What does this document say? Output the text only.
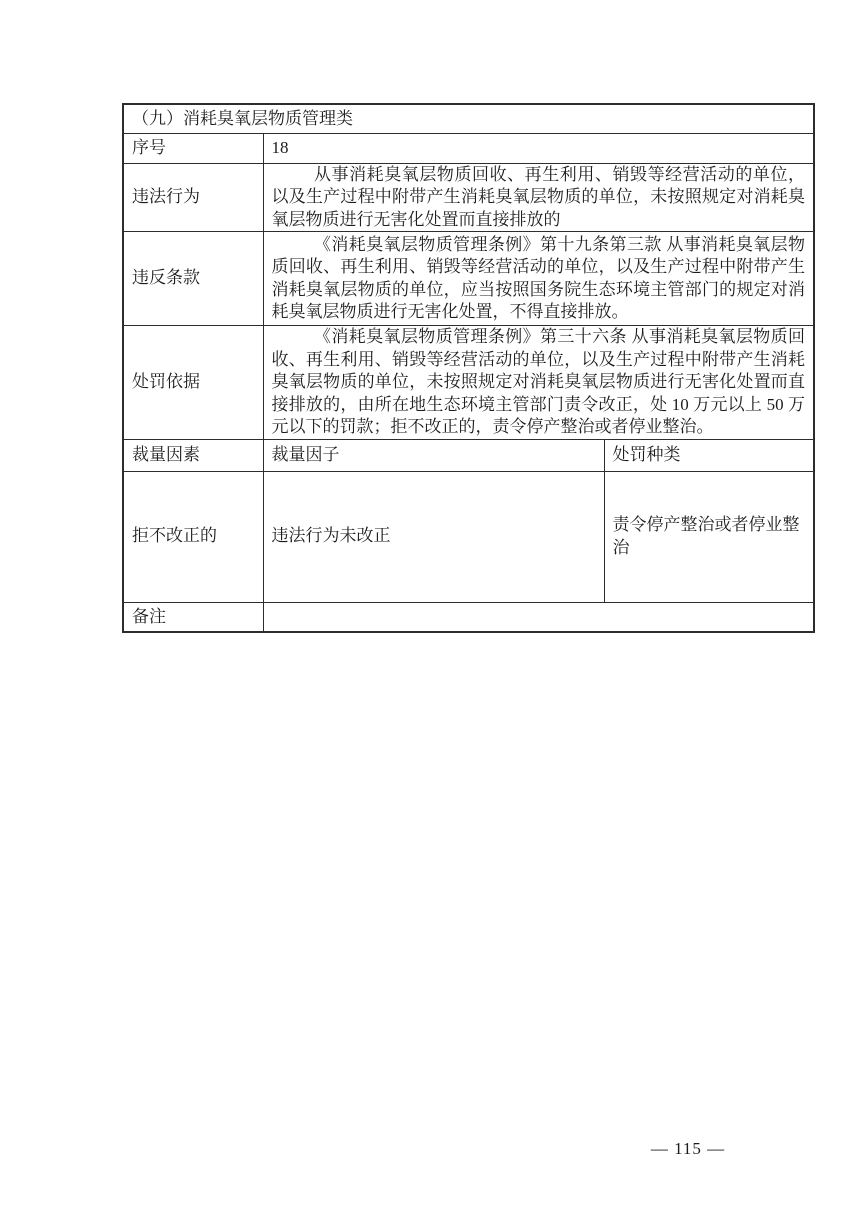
（九）消耗臭氧层物质管理类		
序号	18	
违法行为	从事消耗臭氧层物质回收、再生利用、销毁等经营活动的单位，以及生产过程中附带产生消耗臭氧层物质的单位，未按照规定对消耗臭氧层物质进行无害化处置而直接排放的	
违反条款	《消耗臭氧层物质管理条例》第十九条第三款 从事消耗臭氧层物质回收、再生利用、销毁等经营活动的单位，以及生产过程中附带产生消耗臭氧层物质的单位，应当按照国务院生态环境主管部门的规定对消耗臭氧层物质进行无害化处置，不得直接排放。	
处罚依据	《消耗臭氧层物质管理条例》第三十六条 从事消耗臭氧层物质回收、再生利用、销毁等经营活动的单位，以及生产过程中附带产生消耗臭氧层物质的单位，未按照规定对消耗臭氧层物质进行无害化处置而直接排放的，由所在地生态环境主管部门责令改正，处 10 万元以上 50 万元以下的罚款；拒不改正的，责令停产整治或者停业整治。	
裁量因素	裁量因子	处罚种类
拒不改正的	违法行为未改正	责令停产整治或者停业整治
备注		
— 115 —
